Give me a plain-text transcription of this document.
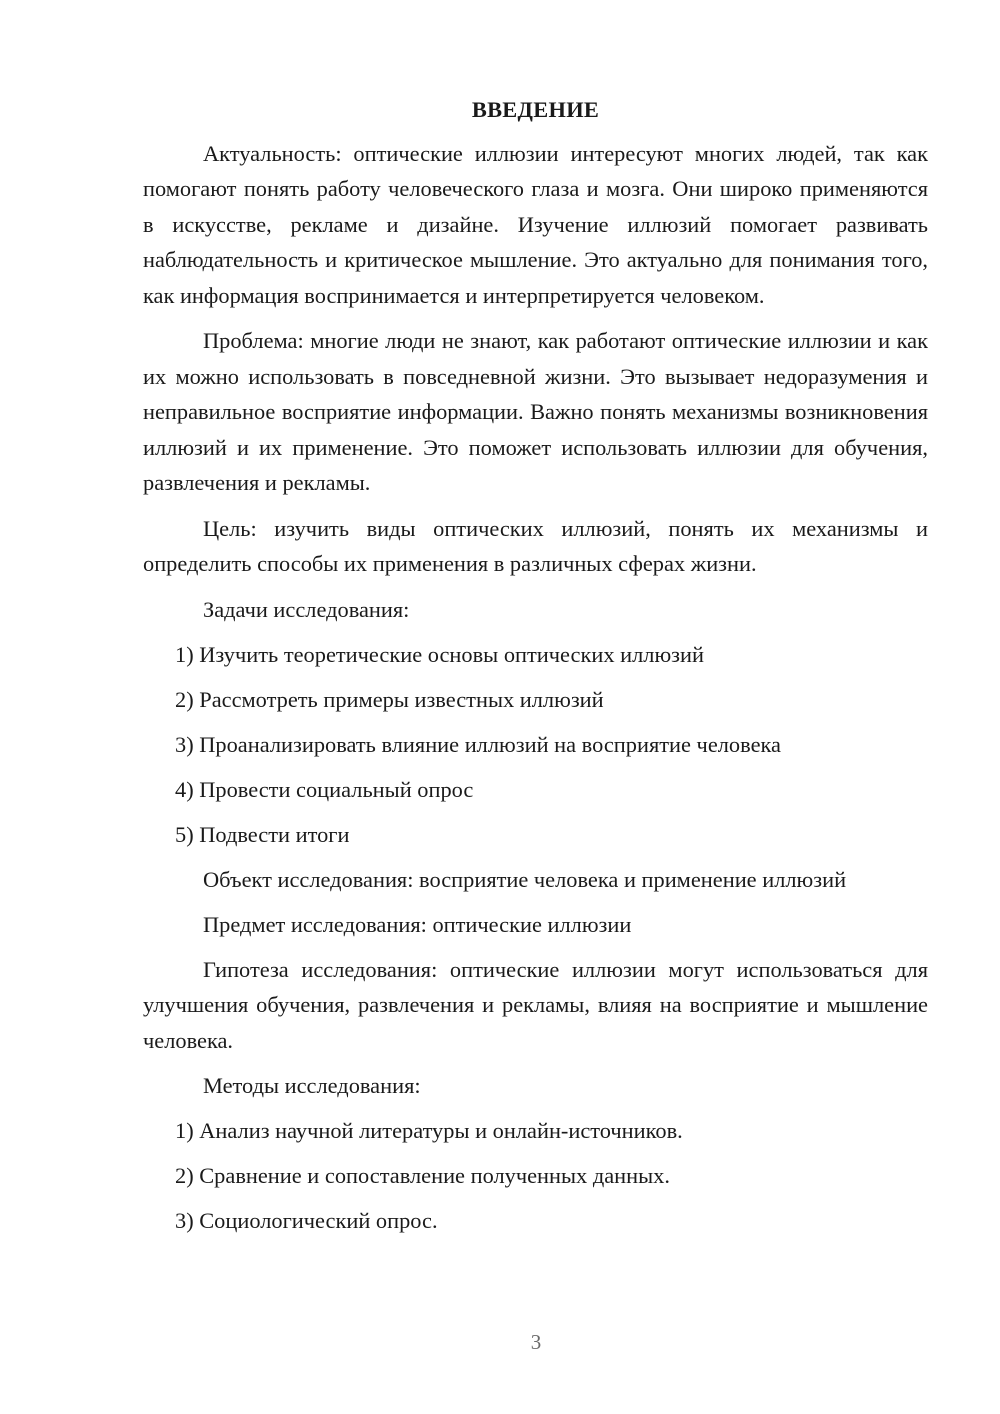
ВВЕДЕНИЕ

Актуальность: оптические иллюзии интересуют многих людей, так как помогают понять работу человеческого глаза и мозга. Они широко применяются в искусстве, рекламе и дизайне. Изучение иллюзий помогает развивать наблюдательность и критическое мышление. Это актуально для понимания того, как информация воспринимается и интерпретируется человеком.

Проблема: многие люди не знают, как работают оптические иллюзии и как их можно использовать в повседневной жизни. Это вызывает недоразумения и неправильное восприятие информации. Важно понять механизмы возникновения иллюзий и их применение. Это поможет использовать иллюзии для обучения, развлечения и рекламы.

Цель: изучить виды оптических иллюзий, понять их механизмы и определить способы их применения в различных сферах жизни.

Задачи исследования:
1) Изучить теоретические основы оптических иллюзий
2) Рассмотреть примеры известных иллюзий
3) Проанализировать влияние иллюзий на восприятие человека
4) Провести социальный опрос
5) Подвести итоги
Объект исследования: восприятие человека и применение иллюзий
Предмет исследования: оптические иллюзии

Гипотеза исследования: оптические иллюзии могут использоваться для улучшения обучения, развлечения и рекламы, влияя на восприятие и мышление человека.

Методы исследования:
1) Анализ научной литературы и онлайн-источников.
2) Сравнение и сопоставление полученных данных.
3) Социологический опрос.
3
